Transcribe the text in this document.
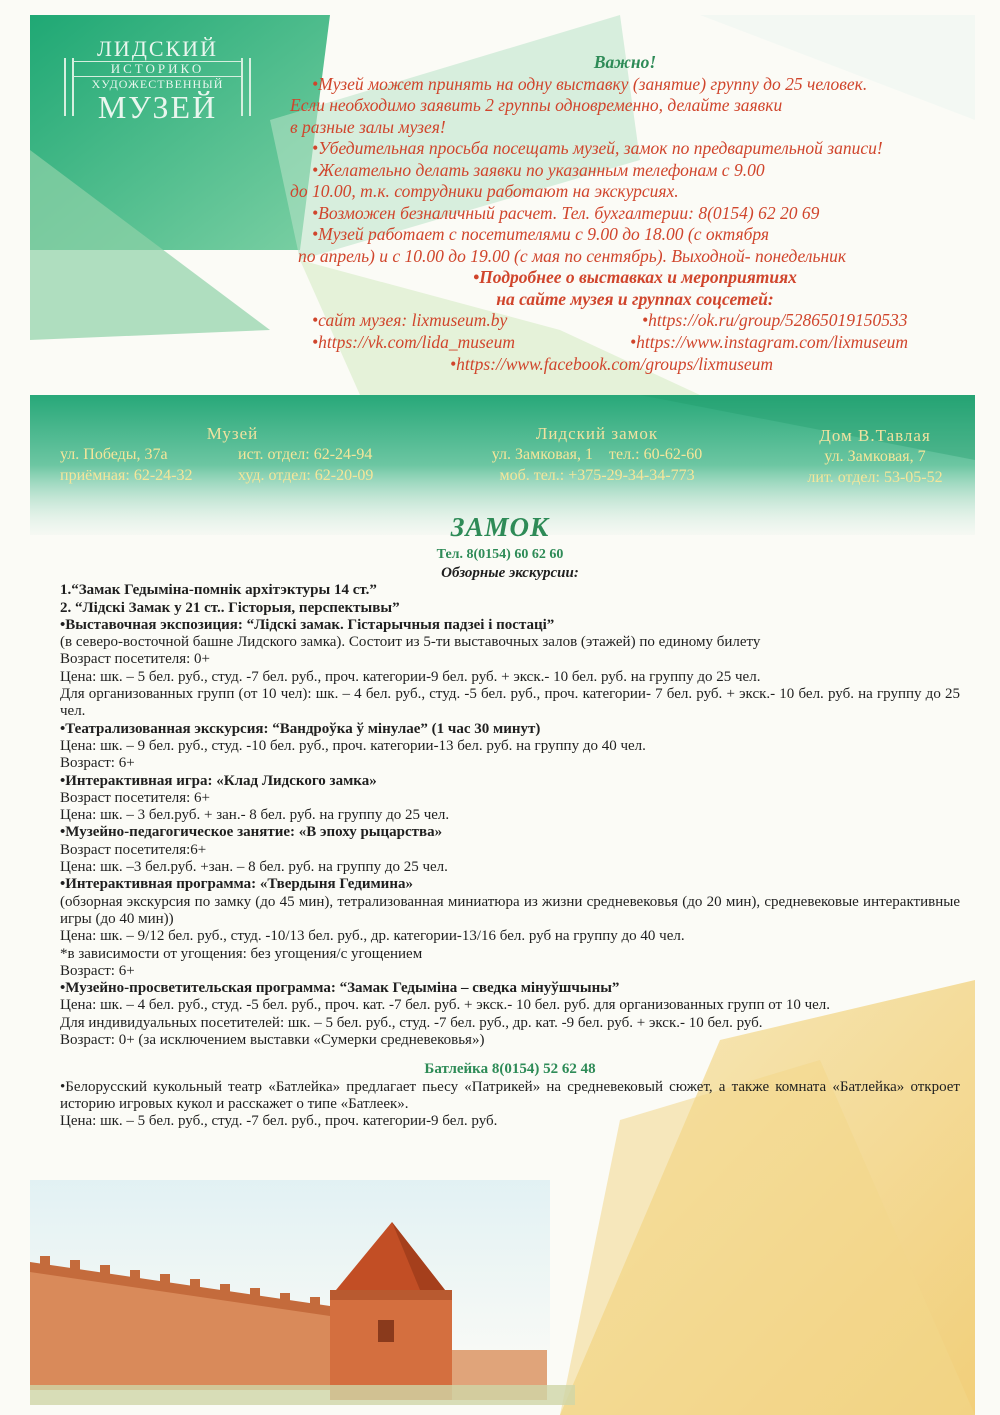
ЛИДСКИЙ
ИСТОРИКО
ХУДОЖЕСТВЕННЫЙ
МУЗЕЙ

Важно!

•Музей может принять на одну выставку (занятие) группу до 25 человек.

Если необходимо заявить 2 группы одновременно, делайте заявки

в разные залы музея!

•Убедительная просьба посещать музей, замок по предварительной записи!

•Желательно делать заявки по указанным телефонам с 9.00

до 10.00, т.к. сотрудники работают на экскурсиях.

•Возможен безналичный расчет. Тел. бухгалтерии: 8(0154) 62 20 69

•Музей работает с посетителями с 9.00 до 18.00 (с октября

по апрель) и с 10.00 до 19.00 (с мая по сентябрь). Выходной- понедельник

•Подробнее о выставках и мероприятиях

на сайте музея и группах соцсетей:

•сайт музея: lixmuseum.by	•https://ok.ru/group/52865019150533
•https://vk.com/lida_museum	•https://www.instagram.com/lixmuseum
•https://www.facebook.com/groups/lixmuseum
Музей
ул. Победы, 37а	ист. отдел: 62-24-94
приёмная: 62-24-32	худ. отдел: 62-20-09
Лидский замок
ул. Замковая, 1 тел.: 60-62-60
моб. тел.: +375-29-34-34-773
Дом В.Тавлая
ул. Замковая, 7
лит. отдел: 53-05-52
ЗАМОК
Тел. 8(0154) 60 62 60

Обзорные экскурсии:

1.“Замак Гедыміна-помнік архітэктуры 14 ст.”

2. “Лідскі Замак у 21 ст.. Гісторыя, перспектывы”

•Выставочная экспозиция: “Лідскі замак. Гістарычныя падзеі і постаці”

(в северо-восточной башне Лидского замка). Состоит из 5-ти выставочных залов (этажей) по единому билету

Возраст посетителя: 0+

Цена: шк. – 5 бел. руб., студ. -7 бел. руб., проч. категории-9 бел. руб. + экск.- 10 бел. руб. на группу до 25 чел.

Для организованных групп (от 10 чел): шк. – 4 бел. руб., студ. -5 бел. руб., проч. категории- 7 бел. руб. + экск.- 10 бел. руб. на группу до 25 чел.

•Театрализованная экскурсия: “Вандроўка ў мінулае” (1 час 30 минут)

Цена: шк. – 9 бел. руб., студ. -10 бел. руб., проч. категории-13 бел. руб. на группу до 40 чел.

Возраст: 6+

•Интерактивная игра: «Клад Лидского замка»

Возраст посетителя: 6+

Цена: шк. – 3 бел.руб. + зан.- 8 бел. руб. на группу до 25 чел.

•Музейно-педагогическое занятие: «В эпоху рыцарства»

Возраст посетителя:6+

Цена: шк. –3 бел.руб. +зан. – 8 бел. руб. на группу до 25 чел.

•Интерактивная программа: «Твердыня Гедимина»

(обзорная экскурсия по замку (до 45 мин), тетрализованная миниатюра из жизни средневековья (до 20 мин), средневековые интерактивные игры (до 40 мин))

Цена: шк. – 9/12 бел. руб., студ. -10/13 бел. руб., др. категории-13/16 бел. руб на группу до 40 чел.

*в зависимости от угощения: без угощения/с угощением

Возраст: 6+

•Музейно-просветительская программа: “Замак Гедыміна – сведка мінуўшчыны”

Цена: шк. – 4 бел. руб., студ. -5 бел. руб., проч. кат. -7 бел. руб. + экск.- 10 бел. руб. для организованных групп от 10 чел.

Для индивидуальных посетителей: шк. – 5 бел. руб., студ. -7 бел. руб., др. кат. -9 бел. руб. + экск.- 10 бел. руб.

Возраст: 0+ (за исключением выставки «Сумерки средневековья»)

Батлейка 8(0154) 52 62 48

•Белорусский кукольный театр «Батлейка» предлагает пьесу «Патрикей» на средневековый сюжет, а также комната «Батлейка» откроет историю игровых кукол и расскажет о типе «Батлеек».

Цена: шк. – 5 бел. руб., студ. -7 бел. руб., проч. категории-9 бел. руб.
